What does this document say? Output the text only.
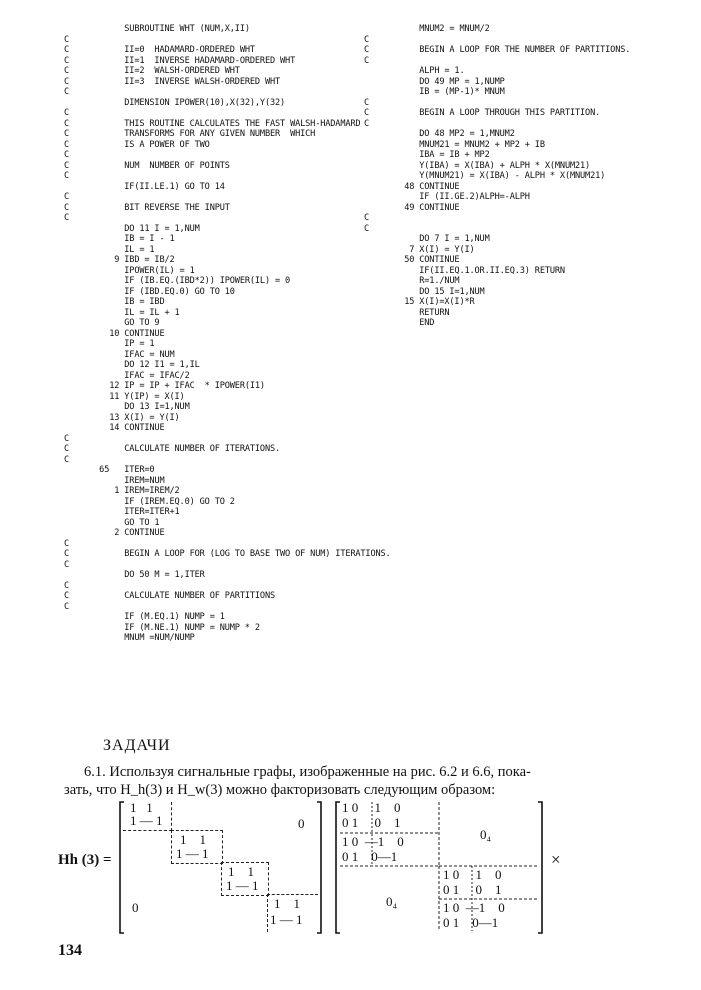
SUBROUTINE WHT (NUM,X,II)
C
C           II=0  HADAMARD-ORDERED WHT
C           II=1  INVERSE HADAMARD-ORDERED WHT
C           II=2  WALSH-ORDERED WHT
C           II=3  INVERSE WALSH-ORDERED WHT
C
DIMENSION IPOWER(10),X(32),Y(32)
C
C           THIS ROUTINE CALCULATES THE FAST WALSH-HADAMARD
C           TRANSFORMS FOR ANY GIVEN NUMBER  WHICH
C           IS A POWER OF TWO
C
C           NUM  NUMBER OF POINTS
C
IF(II.LE.1) GO TO 14
C
C           BIT REVERSE THE INPUT
C
DO 11 I = 1,NUM
IB = I - 1
IL = 1
9 IBD = IB/2
IPOWER(IL) = 1
IF (IB.EQ.(IBD*2)) IPOWER(IL) = 0
IF (IBD.EQ.0) GO TO 10
IB = IBD
IL = IL + 1
GO TO 9
10 CONTINUE
IP = 1
IFAC = NUM
DO 12 I1 = 1,IL
IFAC = IFAC/2
12 IP = IP + IFAC  * IPOWER(I1)
11 Y(IP) = X(I)
DO 13 I=1,NUM
13 X(I) = Y(I)
14 CONTINUE
C
C           CALCULATE NUMBER OF ITERATIONS.
C
65   ITER=0
IREM=NUM
1 IREM=IREM/2
IF (IREM.EQ.0) GO TO 2
ITER=ITER+1
GO TO 1
2 CONTINUE
C
C           BEGIN A LOOP FOR (LOG TO BASE TWO OF NUM) ITERATIONS.
C
DO 50 M = 1,ITER
C
C           CALCULATE NUMBER OF PARTITIONS
C
IF (M.EQ.1) NUMP = 1
IF (M.NE.1) NUMP = NUMP * 2
MNUM =NUM/NUMP
MNUM2 = MNUM/2
C
C          BEGIN A LOOP FOR THE NUMBER OF PARTITIONS.
C
ALPH = 1.
DO 49 MP = 1,NUMP
IB = (MP-1)* MNUM
C
C          BEGIN A LOOP THROUGH THIS PARTITION.
C
DO 48 MP2 = 1,MNUM2
MNUM21 = MNUM2 + MP2 + IB
IBA = IB + MP2
Y(IBA) = X(IBA) + ALPH * X(MNUM21)
Y(MNUM21) = X(IBA) - ALPH * X(MNUM21)
48 CONTINUE
IF (II.GE.2)ALPH=-ALPH
49 CONTINUE
C
C
DO 7 I = 1,NUM
7 X(I) = Y(I)
50 CONTINUE
IF(II.EQ.1.OR.II.EQ.3) RETURN
R=1./NUM
DO 15 I=1,NUM
15 X(I)=X(I)*R
RETURN
END
ЗАДАЧИ
6.1. Используя сигнальные графы, изображенные на рис. 6.2 и 6.6, пока-
зать, что H_h(3) и H_w(3) можно факторизовать следующим образом:
Hh (3) =
1   1
1 — 1
1    1
1 — 1
1    1
1 — 1
1    1
1 — 1
0
0
1 0     1    0
0 1     0    1
1 0  —1    0
0 1    0—1
1 0     1    0
0 1     0    1
1 0  —1    0
0 1    0—1
0₄
0₄
×
134
